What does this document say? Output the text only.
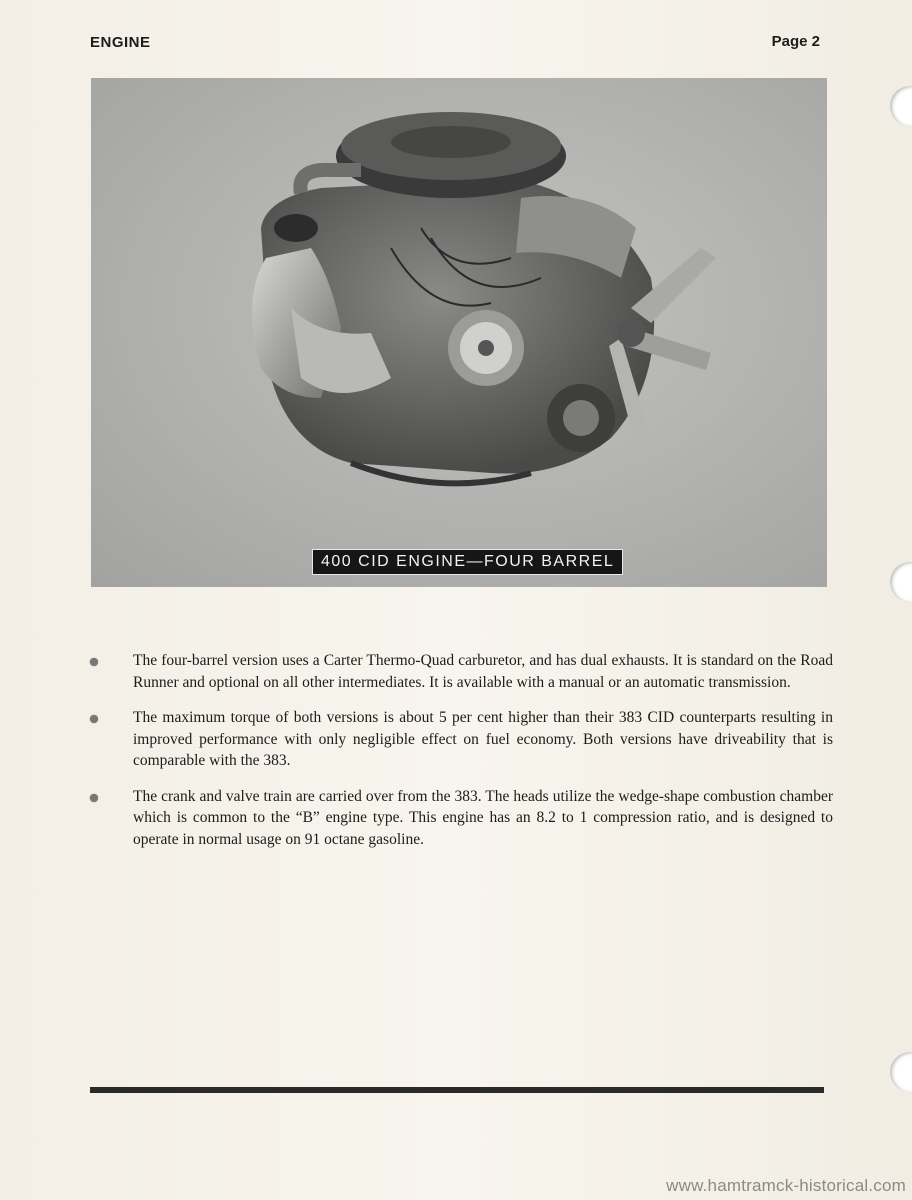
ENGINE	Page 2
400 CID ENGINE—FOUR BARREL
The four-barrel version uses a Carter Thermo-Quad carburetor, and has dual exhausts. It is standard on the Road Runner and optional on all other intermediates. It is available with a manual or an automatic transmission.
The maximum torque of both versions is about 5 per cent higher than their 383 CID counterparts resulting in improved performance with only negligible effect on fuel economy. Both versions have driveability that is comparable with the 383.
The crank and valve train are carried over from the 383. The heads utilize the wedge-shape combustion chamber which is common to the “B” engine type. This engine has an 8.2 to 1 compression ratio, and is designed to operate in normal usage on 91 octane gasoline.
www.hamtramck-historical.com
